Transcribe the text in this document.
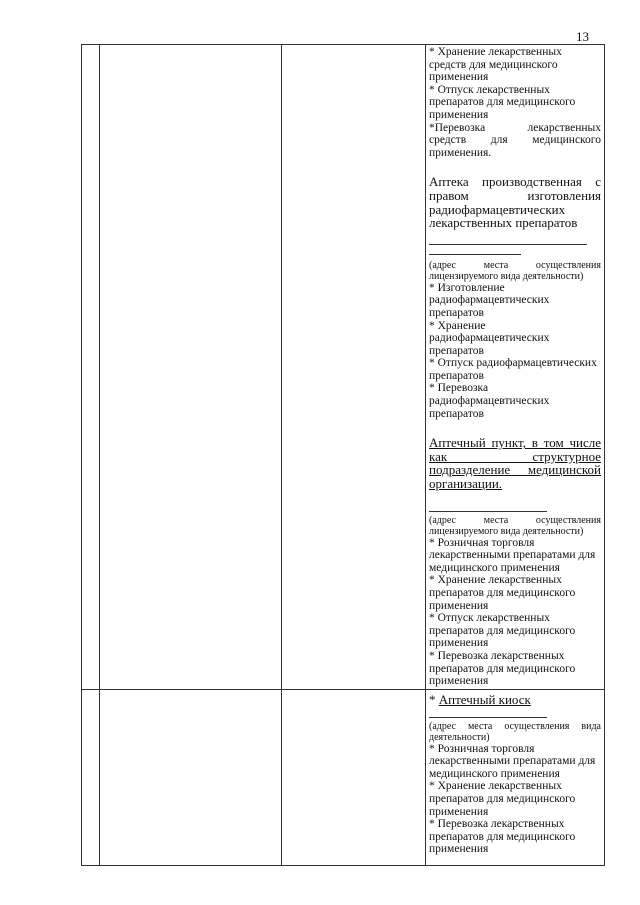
13

* Хранение лекарственных средств для медицинского применения

* Отпуск лекарственных препаратов для медицинского применения

*Перевозка лекарственных средств для медицинского применения.

Аптека производственная с правом изготовления радиофармацевтических лекарственных препаратов

(адрес места осуществления лицензируемого вида деятельности)

* Изготовление радиофармацевтических препаратов

* Хранение радиофармацевтических препаратов

* Отпуск радиофармацевтических препаратов

* Перевозка радиофармацевтических препаратов

Аптечный пункт, в том числе как структурное подразделение медицинской организации.

(адрес места осуществления лицензируемого вида деятельности)

* Розничная торговля лекарственными препаратами для медицинского применения

* Хранение лекарственных препаратов для медицинского применения

* Отпуск лекарственных препаратов для медицинского применения

* Перевозка лекарственных препаратов для медицинского применения

* Аптечный киоск

(адрес места осуществления вида деятельности)

* Розничная торговля лекарственными препаратами для медицинского применения

* Хранение лекарственных препаратов для медицинского применения

* Перевозка лекарственных препаратов для медицинского применения
